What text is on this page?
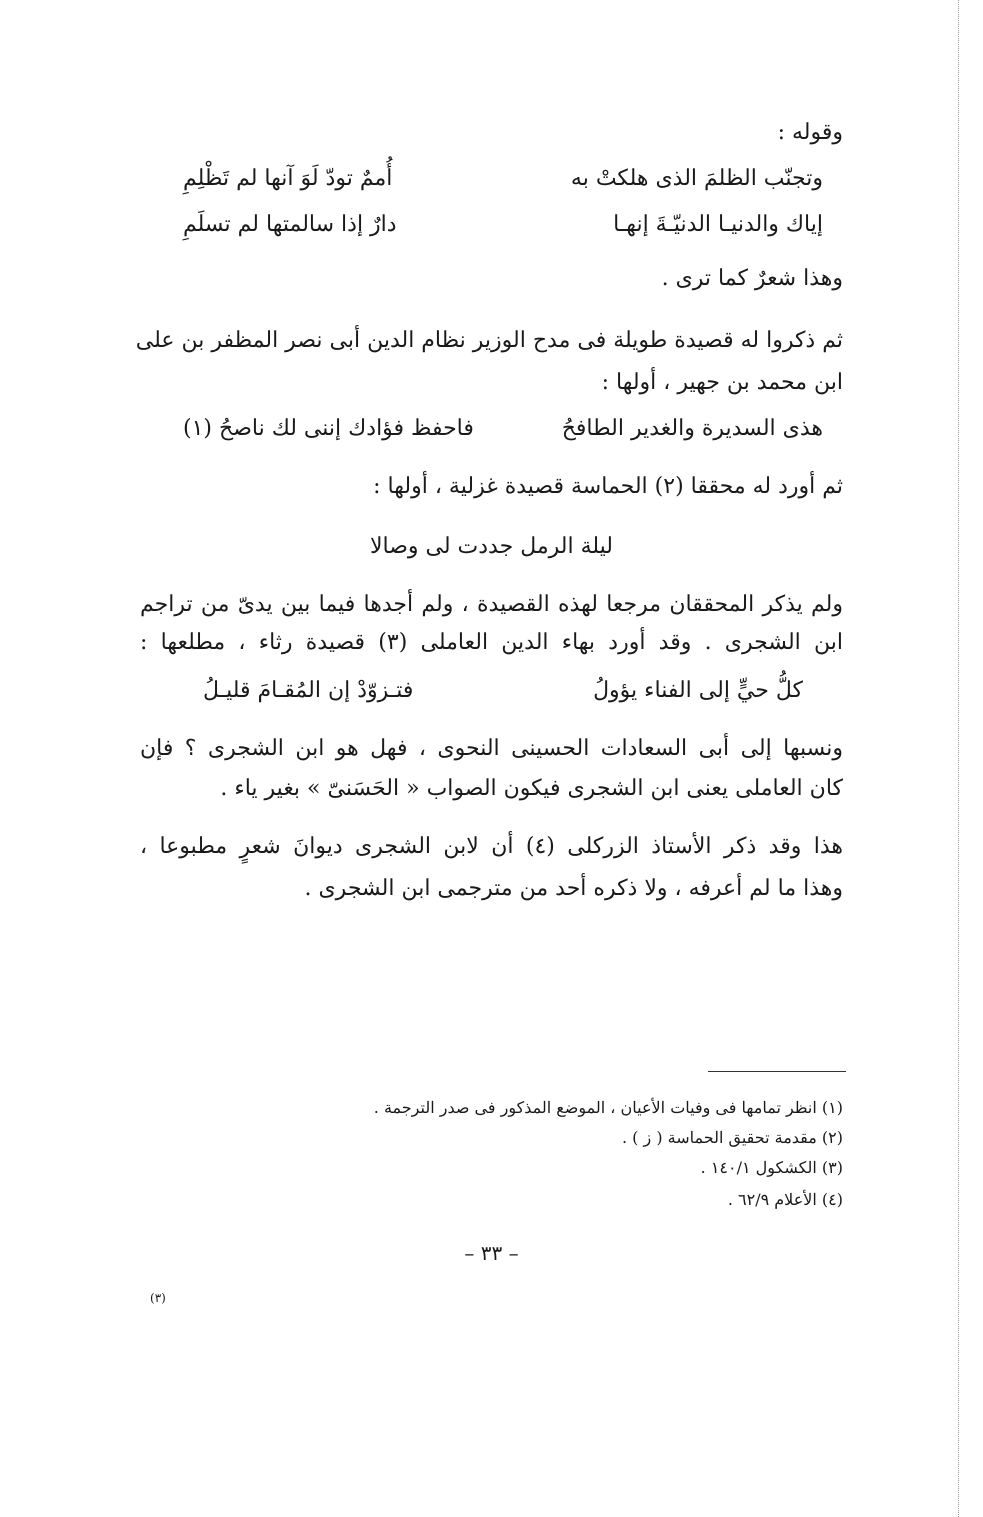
وقوله :
وتجنّب الظلمَ الذى هلكتْ به
أُممٌ تودّ لَوَ آنها لم تَظْلِمِ
إياك والدنيـا الدنيّـةَ إنهـا
دارٌ إذا سالمتها لم تسلَمِ
وهذا شعرٌ كما ترى .
ثم ذكروا له قصيدة طويلة فى مدح الوزير نظام الدين أبى نصر المظفر بن على
ابن محمد بن جهير ، أولها :
هذى السديرة والغدير الطافحُ
فاحفظ فؤادك إننى لك ناصحُ (١)
ثم أورد له محققا (٢) الحماسة قصيدة غزلية ، أولها :
ليلة الرمل جددت لى وصالا
ولم يذكر المحققان مرجعا لهذه القصيدة ، ولم أجدها فيما بين يدىّ من تراجم
ابن الشجرى . وقد أورد بهاء الدين العاملى (٣) قصيدة رثاء ، مطلعها :
كلُّ حيٍّ إلى الفناء يؤولُ
فتـزوّدْ إن المُقـامَ قليـلُ
ونسبها إلى أبى السعادات الحسينى النحوى ، فهل هو ابن الشجرى ؟ فإن
كان العاملى يعنى ابن الشجرى فيكون الصواب « الحَسَنىّ » بغير ياء .
هذا وقد ذكر الأستاذ الزركلى (٤) أن لابن الشجرى ديوانَ شعرٍ مطبوعا ،
وهذا ما لم أعرفه ، ولا ذكره أحد من مترجمى ابن الشجرى .
(١) انظر تمامها فى وفيات الأعيان ، الموضع المذكور فى صدر الترجمة .
(٢) مقدمة تحقيق الحماسة ( ز ) .
(٣) الكشكول ١٤٠/١ .
(٤) الأعلام ٦٢/٩ .
– ٣٣ –
(٣)
